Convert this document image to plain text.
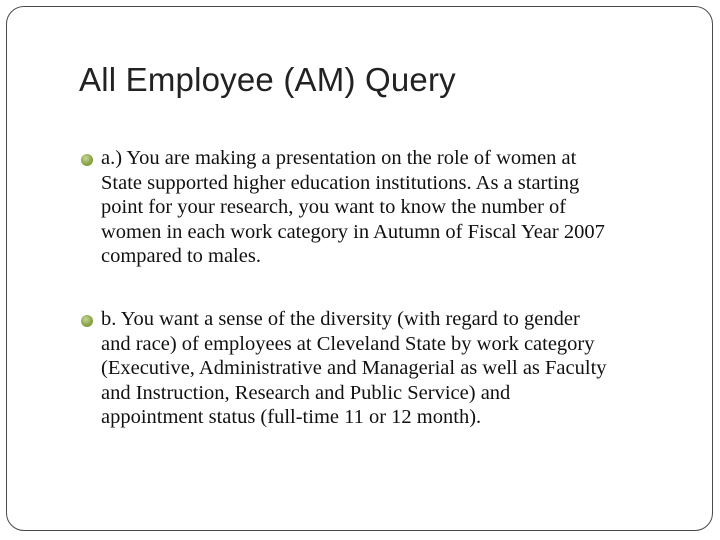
All Employee (AM) Query
a.) You are making a presentation on the role of women at
State supported higher education institutions. As a starting
point for your research, you want to know the number of
women in each work category in Autumn of Fiscal Year 2007
compared to males.
b. You want a sense of the diversity (with regard to gender
and race) of employees at Cleveland State by work category
(Executive, Administrative and Managerial as well as Faculty
and Instruction, Research and Public Service) and
appointment status (full-time 11 or 12 month).
